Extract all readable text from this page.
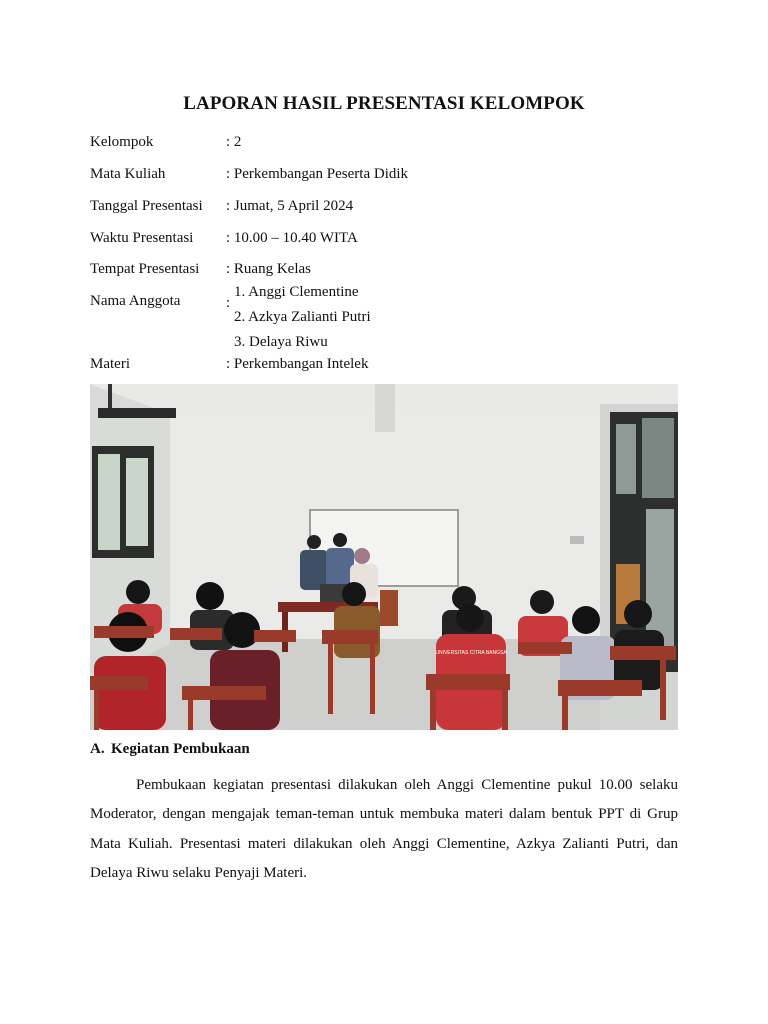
LAPORAN HASIL PRESENTASI KELOMPOK
Kelompok	: 2
Mata Kuliah	: Perkembangan Peserta Didik
Tanggal Presentasi : Jumat, 5 April 2024
Waktu Presentasi : 10.00 – 10.40 WITA
Tempat Presentasi : Ruang Kelas
Nama Anggota	:
1. Anggi Clementine
2. Azkya Zalianti Putri
3. Delaya Riwu
Materi	: Perkembangan Intelek
UNIVERSITAS CITRA BANGSA
A. Kegiatan Pembukaan
Pembukaan kegiatan presentasi dilakukan oleh Anggi Clementine pukul 10.00 selaku Moderator, dengan mengajak teman-teman untuk membuka materi dalam bentuk PPT di Grup Mata Kuliah. Presentasi materi dilakukan oleh Anggi Clementine, Azkya Zalianti Putri, dan Delaya Riwu selaku Penyaji Materi.
